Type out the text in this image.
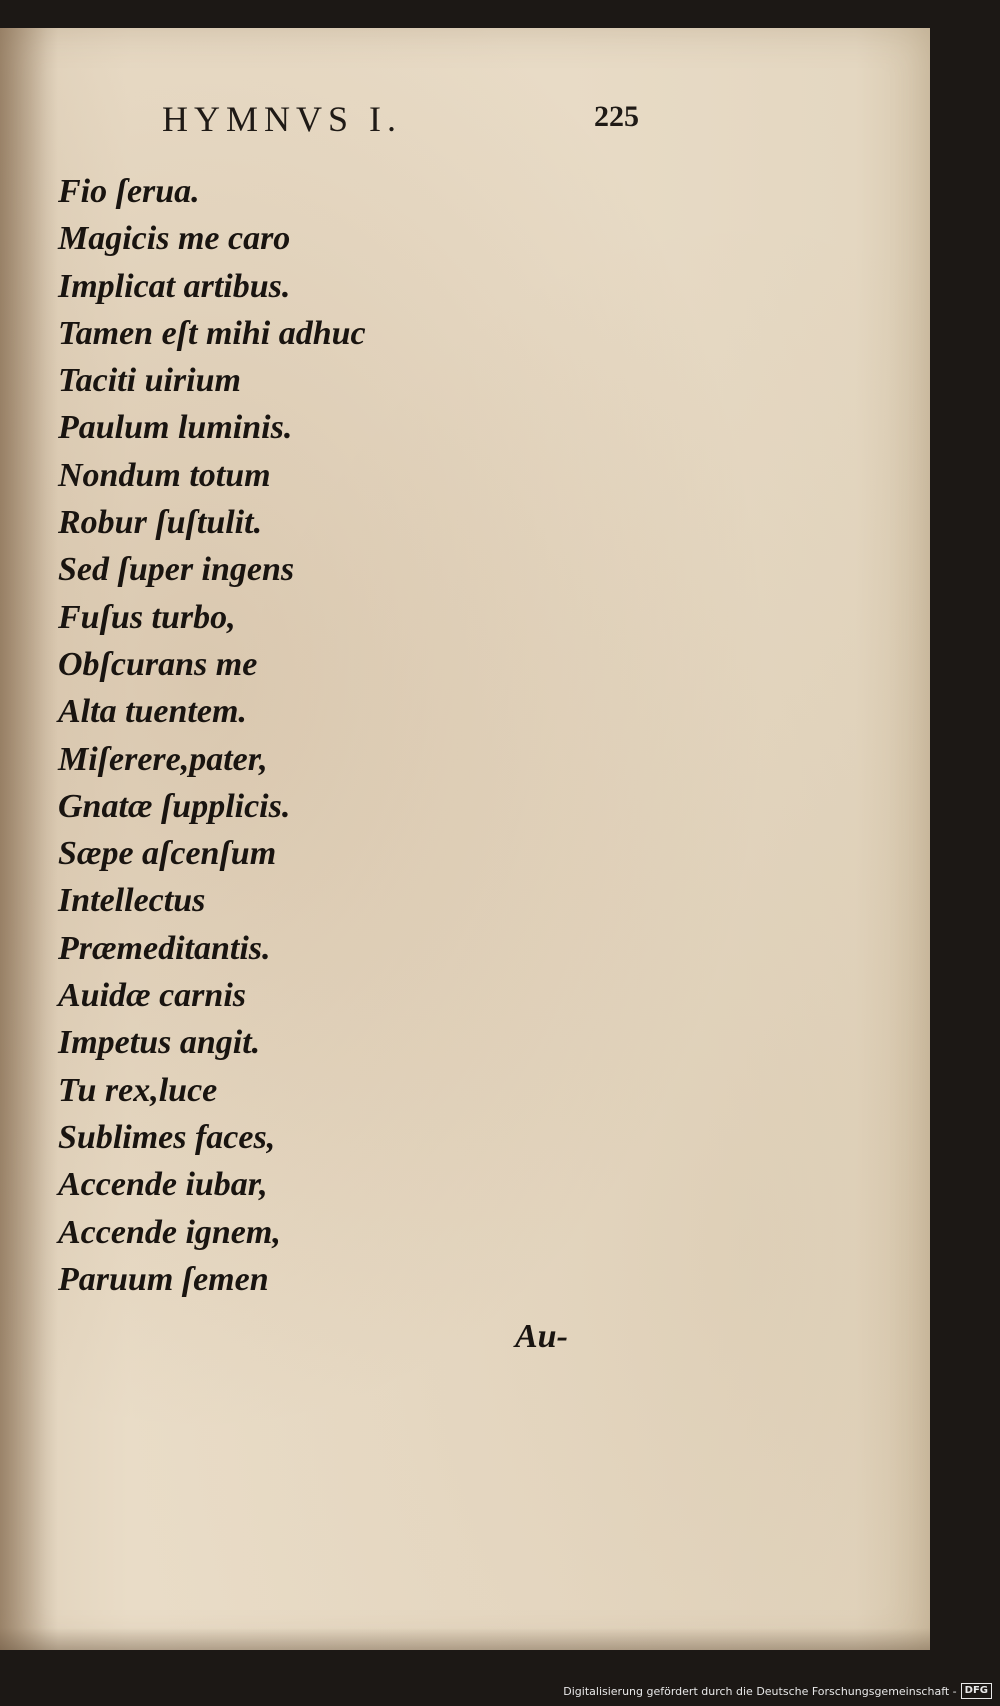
HYMNVS I.	225
Fio ſerua.
Magicis me caro
Implicat artibus.
Tamen eſt mihi adhuc
Taciti uirium
Paulum luminis.
Nondum totum
Robur ſuſtulit.
Sed ſuper ingens
Fuſus turbo,
Obſcurans me
Alta tuentem.
Miſerere,pater,
Gnatæ ſupplicis.
Sæpe aſcenſum
Intellectus
Præmeditantis.
Auidæ carnis
Impetus angit.
Tu rex,luce
Sublimes faces,
Accende iubar,
Accende ignem,
Paruum ſemen
Au-
Digitalisierung gefördert durch die Deutsche Forschungsgemeinschaft - DFG
